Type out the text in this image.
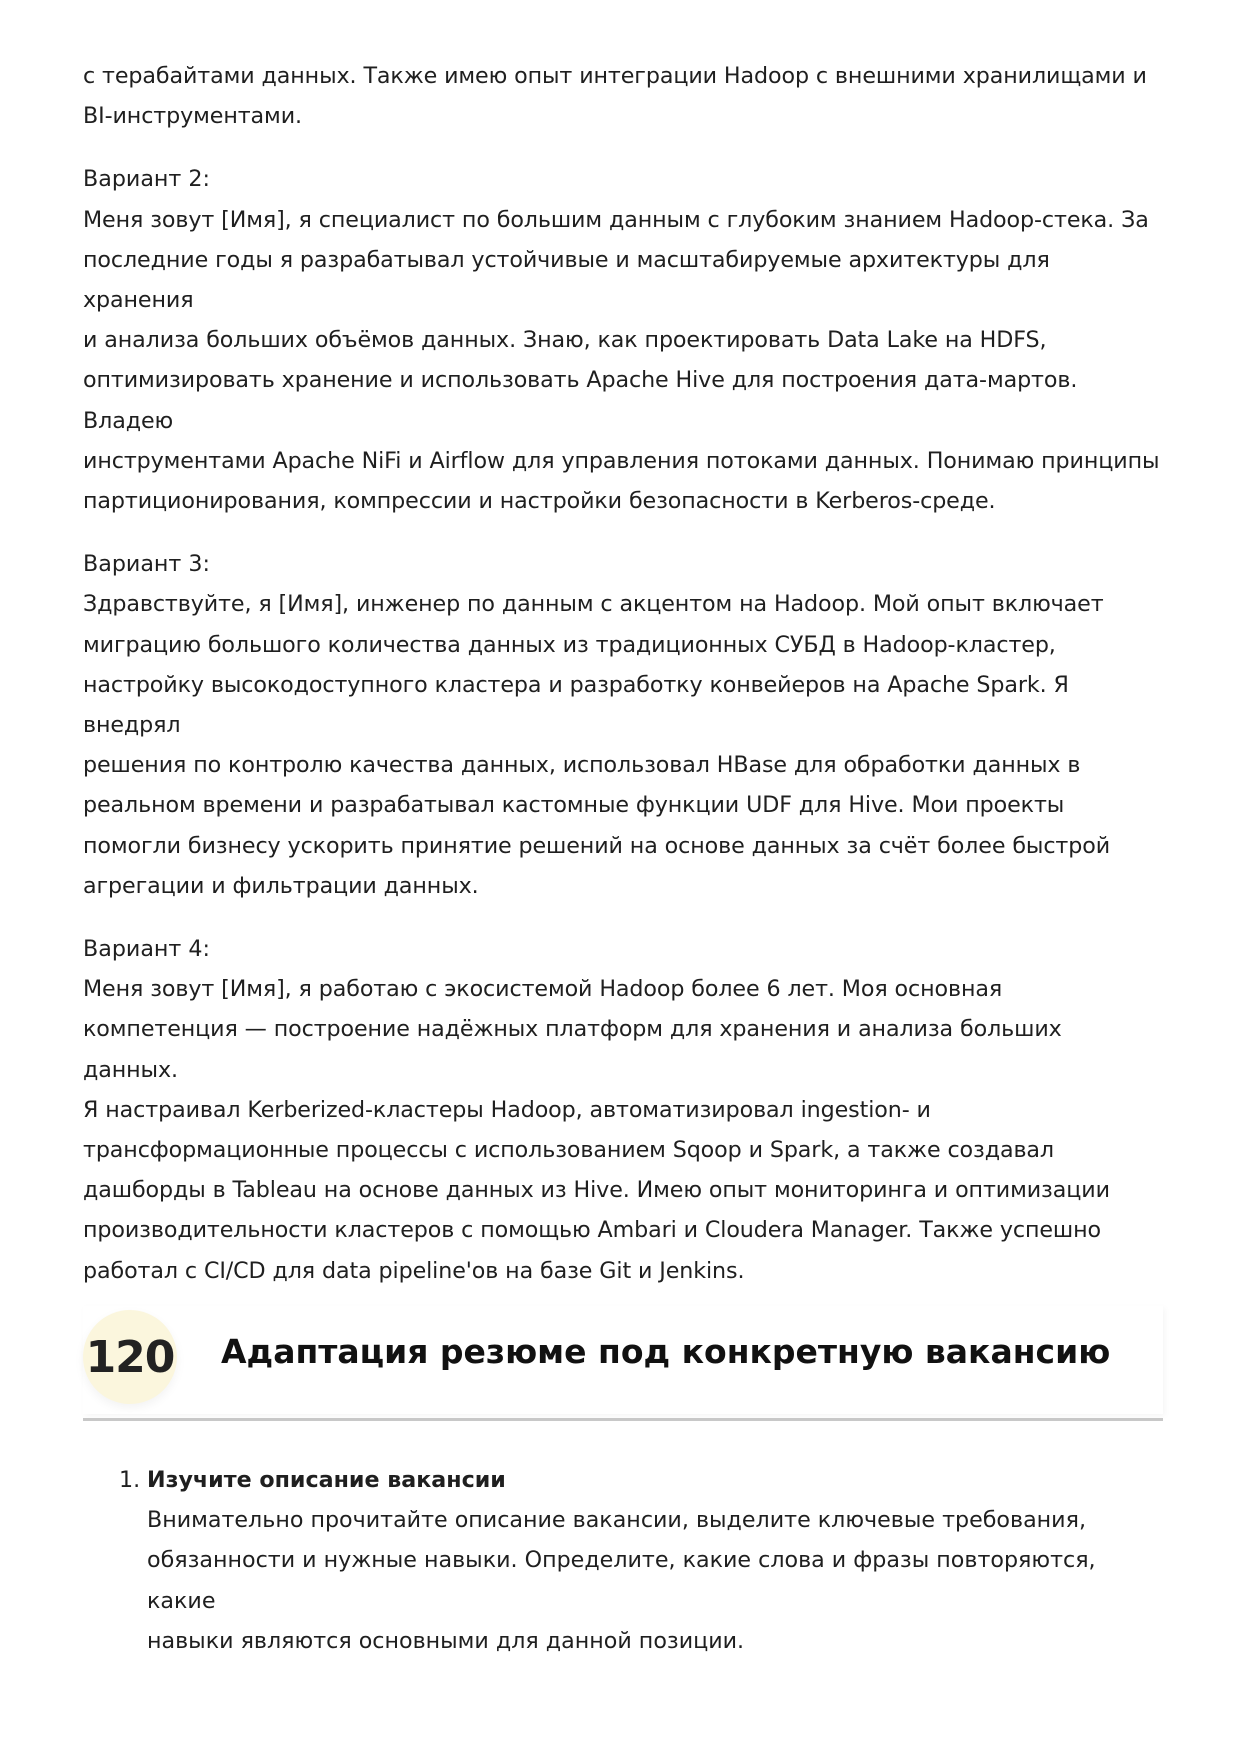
с терабайтами данных. Также имею опыт интеграции Hadoop с внешними хранилищами и
BI-инструментами.
Вариант 2:
Меня зовут [Имя], я специалист по большим данным с глубоким знанием Hadoop-стека. За
последние годы я разрабатывал устойчивые и масштабируемые архитектуры для хранения
и анализа больших объёмов данных. Знаю, как проектировать Data Lake на HDFS,
оптимизировать хранение и использовать Apache Hive для построения дата-мартов. Владею
инструментами Apache NiFi и Airflow для управления потоками данных. Понимаю принципы
партиционирования, компрессии и настройки безопасности в Kerberos-среде.
Вариант 3:
Здравствуйте, я [Имя], инженер по данным с акцентом на Hadoop. Мой опыт включает
миграцию большого количества данных из традиционных СУБД в Hadoop-кластер,
настройку высокодоступного кластера и разработку конвейеров на Apache Spark. Я внедрял
решения по контролю качества данных, использовал HBase для обработки данных в
реальном времени и разрабатывал кастомные функции UDF для Hive. Мои проекты
помогли бизнесу ускорить принятие решений на основе данных за счёт более быстрой
агрегации и фильтрации данных.
Вариант 4:
Меня зовут [Имя], я работаю с экосистемой Hadoop более 6 лет. Моя основная
компетенция — построение надёжных платформ для хранения и анализа больших данных.
Я настраивал Kerberized-кластеры Hadoop, автоматизировал ingestion- и
трансформационные процессы с использованием Sqoop и Spark, а также создавал
дашборды в Tableau на основе данных из Hive. Имею опыт мониторинга и оптимизации
производительности кластеров с помощью Ambari и Cloudera Manager. Также успешно
работал с CI/CD для data pipeline'ов на базе Git и Jenkins.
120 Адаптация резюме под конкретную вакансию
1. Изучите описание вакансии
Внимательно прочитайте описание вакансии, выделите ключевые требования,
обязанности и нужные навыки. Определите, какие слова и фразы повторяются, какие
навыки являются основными для данной позиции.
